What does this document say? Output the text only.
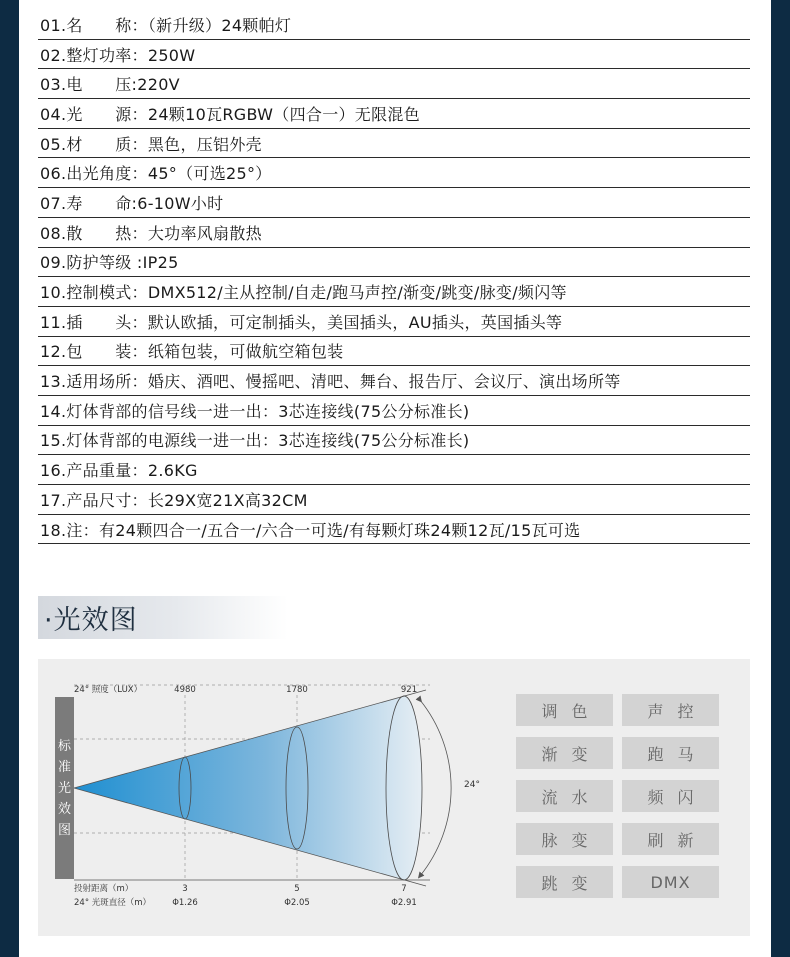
01.名　　称：（新升级）24颗帕灯
02.整灯功率：250W
03.电　　压:220V
04.光　　源：24颗10瓦RGBW（四合一）无限混色
05.材　　质：黑色，压铝外壳
06.出光角度：45°（可选25°）
07.寿　　命:6-10W小时
08.散　　热：大功率风扇散热
09.防护等级 :IP25
10.控制模式：DMX512/主从控制/自走/跑马声控/渐变/跳变/脉变/频闪等
11.插　　头：默认欧插，可定制插头，美国插头，AU插头，英国插头等
12.包　　装：纸箱包装，可做航空箱包装
13.适用场所：婚庆、酒吧、慢摇吧、清吧、舞台、报告厅、会议厅、演出场所等
14.灯体背部的信号线一进一出：3芯连接线(75公分标准长)
15.灯体背部的电源线一进一出：3芯连接线(75公分标准长)
16.产品重量：2.6KG
17.产品尺寸：长29X宽21X高32CM
18.注：有24颗四合一/五合一/六合一可选/有每颗灯珠24颗12瓦/15瓦可选
·光效图
标
准
光
效
图
24° 照度（LUX）	4980	1780	921
24°
投射距离（m）	3	5	7
24° 光斑直径（m） Φ1.26	Φ2.05	Φ2.91
调色	声控
渐变	跑马
流水	频闪
脉变	刷新
跳变	DMX
